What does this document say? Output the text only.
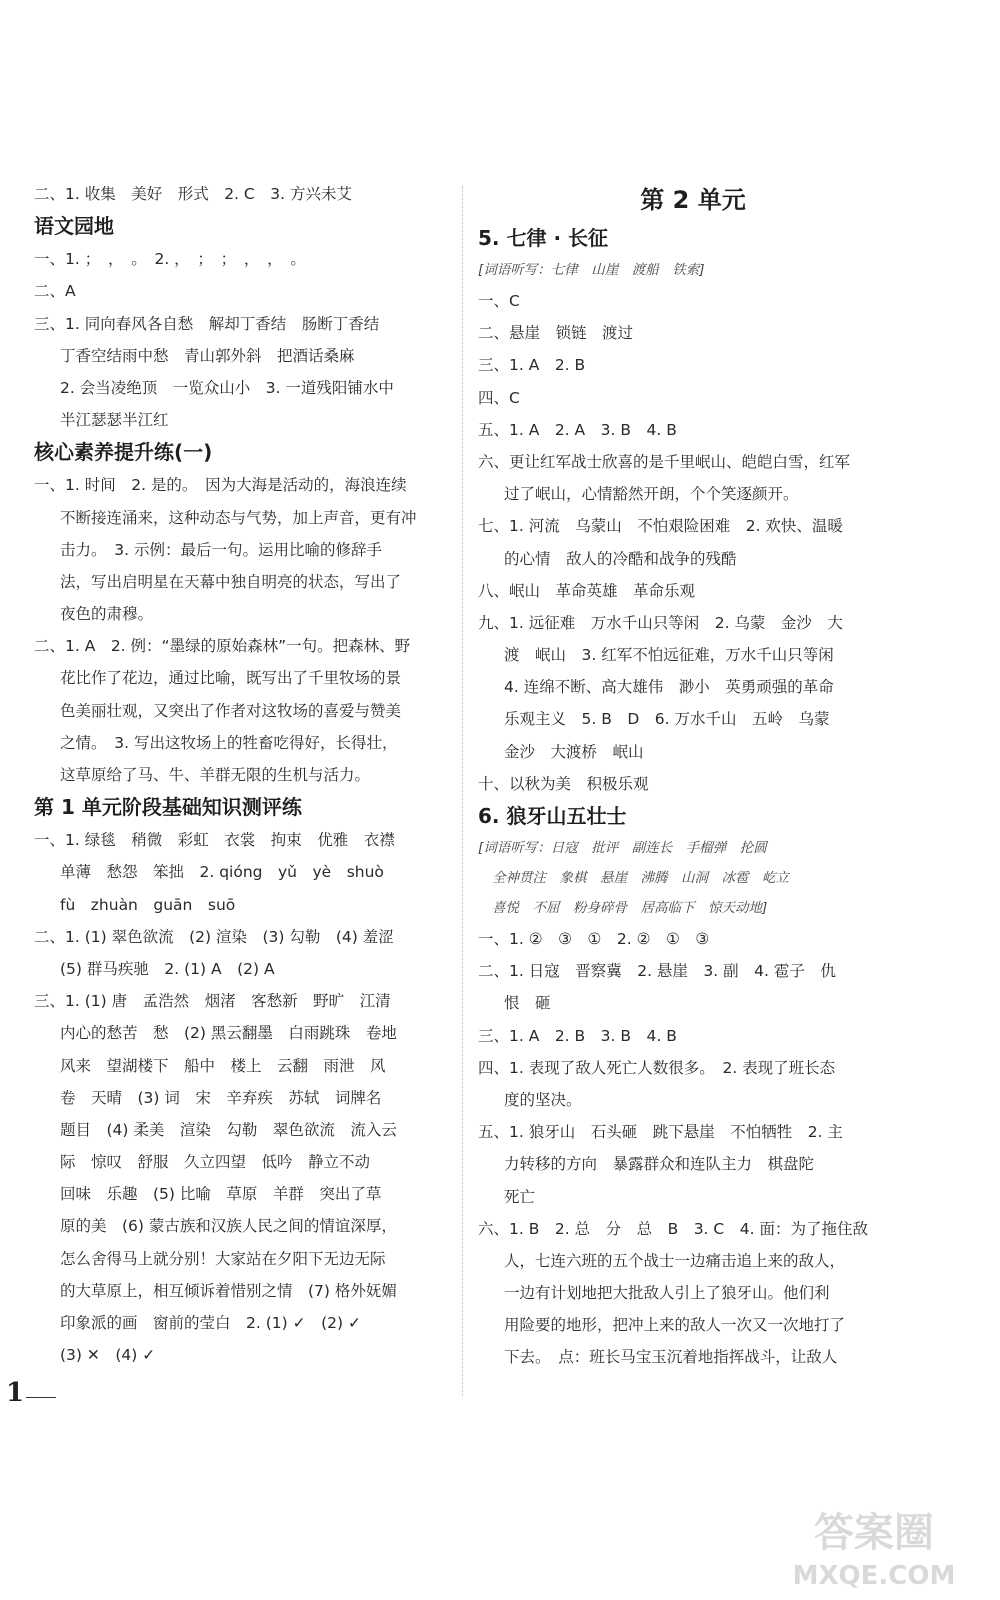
二、1. 收集　美好　形式　2. C　3. 方兴未艾
语文园地
一、1. ；　，　。　2. ，　；　；　，　，　。
二、A
三、1. 同向春风各自愁　解却丁香结　肠断丁香结
丁香空结雨中愁　青山郭外斜　把酒话桑麻
2. 会当凌绝顶　一览众山小　3. 一道残阳铺水中
半江瑟瑟半江红
核心素养提升练(一)
一、1. 时间　2. 是的。　因为大海是活动的，海浪连续
不断接连涌来，这种动态与气势，加上声音，更有冲
击力。　3. 示例：最后一句。运用比喻的修辞手
法，写出启明星在天幕中独自明亮的状态，写出了
夜色的肃穆。
二、1. A　2. 例：“墨绿的原始森林”一句。把森林、野
花比作了花边，通过比喻，既写出了千里牧场的景
色美丽壮观，又突出了作者对这牧场的喜爱与赞美
之情。　3. 写出这牧场上的牲畜吃得好，长得壮，
这草原给了马、牛、羊群无限的生机与活力。
第 1 单元阶段基础知识测评练
一、1. 绿毯　稍微　彩虹　衣裳　拘束　优雅　衣襟
单薄　愁怨　笨拙　2. qióng　yǔ　yè　shuò
fù　zhuàn　guān　suō
二、1. (1) 翠色欲流　(2) 渲染　(3) 勾勒　(4) 羞涩
(5) 群马疾驰　2. (1) A　(2) A
三、1. (1) 唐　孟浩然　烟渚　客愁新　野旷　江清
内心的愁苦　愁　(2) 黑云翻墨　白雨跳珠　卷地
风来　望湖楼下　船中　楼上　云翻　雨泄　风
卷　天晴　(3) 词　宋　辛弃疾　苏轼　词牌名
题目　(4) 柔美　渲染　勾勒　翠色欲流　流入云
际　惊叹　舒服　久立四望　低吟　静立不动
回味　乐趣　(5) 比喻　草原　羊群　突出了草
原的美　(6) 蒙古族和汉族人民之间的情谊深厚，
怎么舍得马上就分别！大家站在夕阳下无边无际
的大草原上，相互倾诉着惜别之情　(7) 格外妩媚
印象派的画　窗前的莹白　2. (1) ✓　(2) ✓
(3) ✕　(4) ✓
第 2 单元
5. 七律 · 长征
[词语听写：七律　山崖　渡船　铁索]
一、C
二、悬崖　锁链　渡过
三、1. A　2. B
四、C
五、1. A　2. A　3. B　4. B
六、更让红军战士欣喜的是千里岷山、皑皑白雪，红军
过了岷山，心情豁然开朗，个个笑逐颜开。
七、1. 河流　乌蒙山　不怕艰险困难　2. 欢快、温暖
的心情　敌人的冷酷和战争的残酷
八、岷山　革命英雄　革命乐观
九、1. 远征难　万水千山只等闲　2. 乌蒙　金沙　大
渡　岷山　3. 红军不怕远征难，万水千山只等闲
4. 连绵不断、高大雄伟　渺小　英勇顽强的革命
乐观主义　5. B　D　6. 万水千山　五岭　乌蒙
金沙　大渡桥　岷山
十、以秋为美　积极乐观
6. 狼牙山五壮士
[词语听写：日寇　批评　副连长　手榴弹　抡圆
全神贯注　象棋　悬崖　沸腾　山洞　冰雹　屹立
喜悦　不屈　粉身碎骨　居高临下　惊天动地]
一、1. ②　③　①　2. ②　①　③
二、1. 日寇　晋察冀　2. 悬崖　3. 副　4. 雹子　仇
恨　砸
三、1. A　2. B　3. B　4. B
四、1. 表现了敌人死亡人数很多。　2. 表现了班长态
度的坚决。
五、1. 狼牙山　石头砸　跳下悬崖　不怕牺牲　2. 主
力转移的方向　暴露群众和连队主力　棋盘陀
死亡
六、1. B　2. 总　分　总　B　3. C　4. 面：为了拖住敌
人，七连六班的五个战士一边痛击追上来的敌人，
一边有计划地把大批敌人引上了狼牙山。他们利
用险要的地形，把冲上来的敌人一次又一次地打了
下去。　点：班长马宝玉沉着地指挥战斗，让敌人
1
答案圈
MXQE.COM
